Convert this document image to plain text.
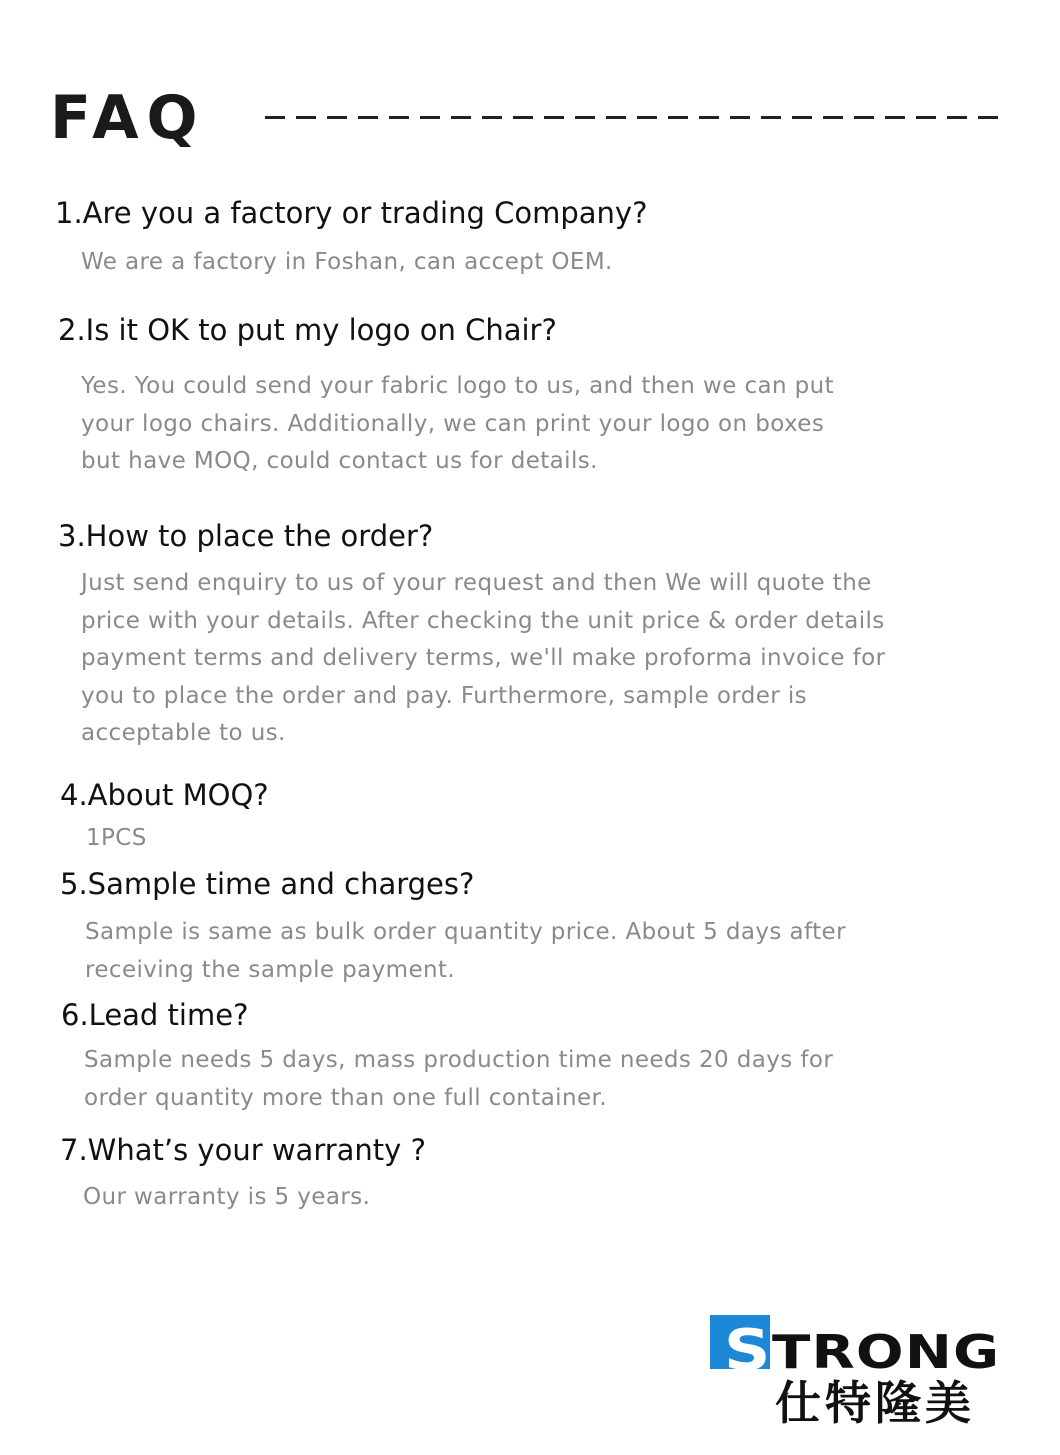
FAQ
1.Are you a factory or trading Company?
We are a factory in Foshan, can accept OEM.
2.Is it OK to put my logo on Chair?
Yes. You could send your fabric logo to us, and then we can put
your logo chairs. Additionally, we can print your logo on boxes
but have MOQ, could contact us for details.
3.How to place the order?
Just send enquiry to us of your request and then We will quote the
price with your details. After checking the unit price & order details
payment terms and delivery terms, we'll make proforma invoice for
you to place the order and pay. Furthermore, sample order is
acceptable to us.
4.About MOQ?
1PCS
5.Sample time and charges?
Sample is same as bulk order quantity price. About 5 days after
receiving the sample payment.
6.Lead time?
Sample needs 5 days, mass production time needs 20 days for
order quantity more than one full container.
7.What’s your warranty ?
Our warranty is 5 years.
S TRONG
仕特隆美
